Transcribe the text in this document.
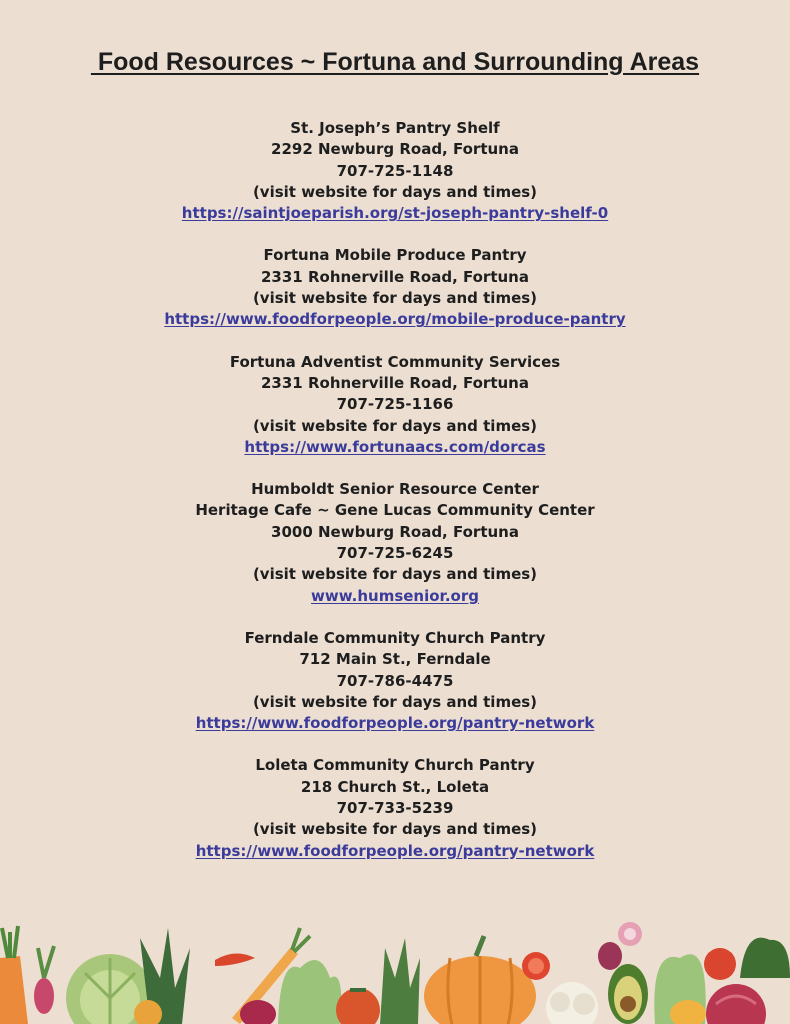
Food Resources ~ Fortuna and Surrounding Areas
St. Joseph’s Pantry Shelf
2292 Newburg Road, Fortuna
707-725-1148
(visit website for days and times)
https://saintjoeparish.org/st-joseph-pantry-shelf-0
Fortuna Mobile Produce Pantry
2331 Rohnerville Road, Fortuna
(visit website for days and times)
https://www.foodforpeople.org/mobile-produce-pantry
Fortuna Adventist Community Services
2331 Rohnerville Road, Fortuna
707-725-1166
(visit website for days and times)
https://www.fortunaacs.com/dorcas
Humboldt Senior Resource Center
Heritage Cafe ~ Gene Lucas Community Center
3000 Newburg Road, Fortuna
707-725-6245
(visit website for days and times)
www.humsenior.org
Ferndale Community Church Pantry
712 Main St., Ferndale
707-786-4475
(visit website for days and times)
https://www.foodforpeople.org/pantry-network
Loleta Community Church Pantry
218 Church St., Loleta
707-733-5239
(visit website for days and times)
https://www.foodforpeople.org/pantry-network
